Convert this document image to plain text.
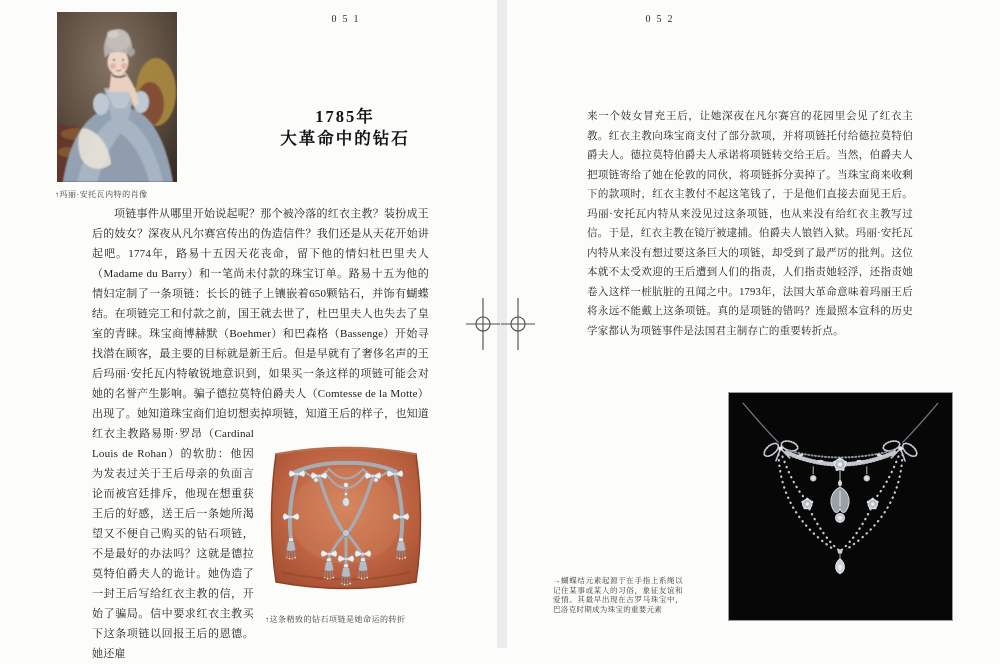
051
↑玛丽·安托瓦内特的肖像
1785年
大革命中的钻石
↑这条精致的钻石项链是她命运的转折

项链事件从哪里开始说起呢？那个被冷落的红衣主教？装扮成王后的妓女？深夜从凡尔赛宫传出的伪造信件？我们还是从天花开始讲起吧。1774年，路易十五因天花丧命，留下他的情妇杜巴里夫人（Madame du Barry）和一笔尚未付款的珠宝订单。路易十五为他的情妇定制了一条项链：长长的链子上镶嵌着650颗钻石，并饰有蝴蝶结。在项链完工和付款之前，国王就去世了，杜巴里夫人也失去了皇室的青睐。珠宝商博赫默（Boehmer）和巴森格（Bassenge）开始寻找潜在顾客，最主要的目标就是新王后。但是早就有了奢侈名声的王后玛丽·安托瓦内特敏锐地意识到，如果买一条这样的项链可能会对她的名誉产生影响。骗子德拉莫特伯爵夫人（Comtesse de la Motte）出现了。她知道珠宝商们迫切想卖掉项链，知道王后的样子，也知道红衣主教路易斯·罗昂（Cardinal Louis de Rohan）的软肋：他因为发表过关于王后母亲的负面言论而被宫廷排斥，他现在想重获王后的好感，送王后一条她所渴望又不便自己购买的钻石项链，不是最好的办法吗？这就是德拉莫特伯爵夫人的诡计。她伪造了一封王后写给红衣主教的信，开始了骗局。信中要求红衣主教买下这条项链以回报王后的恩德。她还雇

052

来一个妓女冒充王后，让她深夜在凡尔赛宫的花园里会见了红衣主教。红衣主教向珠宝商支付了部分款项，并将项链托付给德拉莫特伯爵夫人。德拉莫特伯爵夫人承诺将项链转交给王后。当然，伯爵夫人把项链寄给了她在伦敦的同伙，将项链拆分卖掉了。当珠宝商来收剩下的款项时，红衣主教付不起这笔钱了，于是他们直接去面见王后。玛丽·安托瓦内特从来没见过这条项链，也从来没有给红衣主教写过信。于是，红衣主教在镜厅被逮捕。伯爵夫人锒铛入狱。玛丽·安托瓦内特从来没有想过要这条巨大的项链，却受到了最严厉的批判。这位本就不太受欢迎的王后遭到人们的指责，人们指责她轻浮，还指责她卷入这样一桩肮脏的丑闻之中。1793年，法国大革命意味着玛丽王后将永远不能戴上这条项链。真的是项链的错吗？连最照本宣科的历史学家都认为项链事件是法国君主制存亡的重要转折点。

→蝴蝶结元素起源于在手指上系绳以记住某事或某人的习俗，象征友谊和爱情。其最早出现在古罗马珠宝中，巴洛克时期成为珠宝的重要元素
